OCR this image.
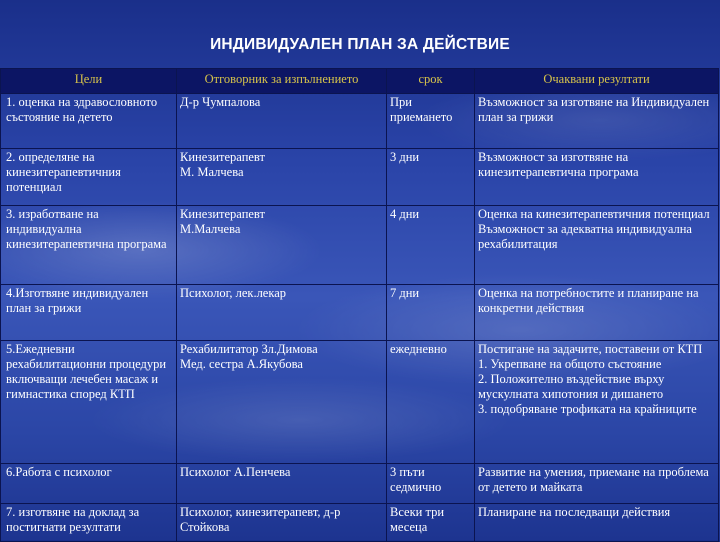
ИНДИВИДУАЛЕН ПЛАН ЗА ДЕЙСТВИЕ
Цели	Отговорник за изпълнението	срок	Очаквани резултати

1. оценка на здравословното състояние на детето	Д-р Чумпалова	При приемането	Възможност за изготвяне на Индивидуален план за грижи

2. определяне на кинезитерапевтичния потенциал	Кинезитерапевт
М. Малчева	3 дни	Възможност за изготвяне на кинезитерапевтична програма

3. изработване на индивидуална кинезитерапевтична програма	Кинезитерапевт
М.Малчева	4 дни	Оценка на кинезитерапевтичния потенциал
Възможност за адекватна индивидуална рехабилитация

4.Изготвяне индивидуален план за грижи	Психолог, лек.лекар	7 дни	Оценка на потребностите и планиране на конкретни действия

5.Ежедневни рехабилитационни процедури включващи лечебен масаж и гимнастика според КТП	Рехабилитатор Зл.Димова
Мед. сестра А.Якубова	ежедневно	Постигане на задачите, поставени от КТП
1. Укрепване на общото състояние
2. Положително въздействие върху мускулната хипотония и дишането
3. подобряване трофиката на крайниците

6.Работа с психолог	Психолог А.Пенчева	3 пъти седмично	Развитие на умения, приемане на проблема от детето и майката

7. изготвяне на доклад за постигнати резултати	Психолог, кинезитерапевт, д-р Стойкова	Всеки три месеца	Планиране на последващи действия
